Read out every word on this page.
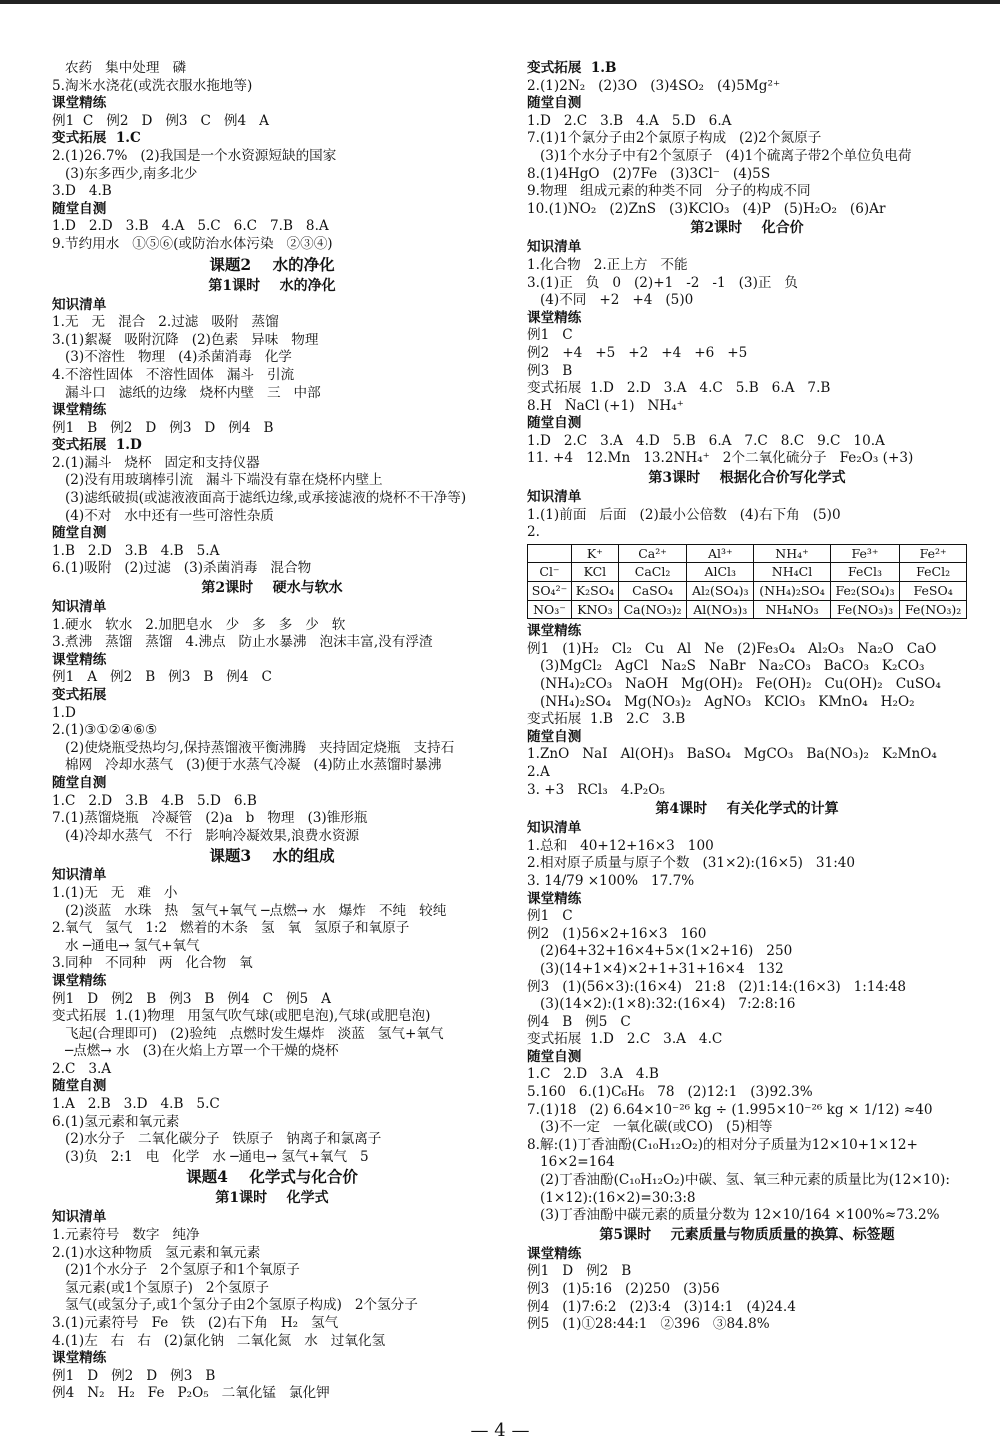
农药   集中处理   磷
5.淘米水浇花(或洗衣服水拖地等)
课堂精练
例1  C   例2   D   例3   C   例4   A
变式拓展  1.C
2.(1)26.7%   (2)我国是一个水资源短缺的国家
(3)东多西少,南多北少
3.D   4.B
随堂自测
1.D   2.D   3.B   4.A   5.C   6.C   7.B   8.A
9.节约用水   ①⑤⑥(或防治水体污染   ②③④)
课题2    水的净化
第1课时    水的净化
知识清单
1.无   无   混合   2.过滤   吸附   蒸馏
3.(1)絮凝   吸附沉降   (2)色素   异味   物理
(3)不溶性   物理   (4)杀菌消毒   化学
4.不溶性固体   不溶性固体   漏斗   引流
漏斗口   滤纸的边缘   烧杯内壁   三   中部
课堂精练
例1   B   例2   D   例3   D   例4   B
变式拓展  1.D
2.(1)漏斗   烧杯   固定和支持仪器
(2)没有用玻璃棒引流   漏斗下端没有靠在烧杯内壁上
(3)滤纸破损(或滤液液面高于滤纸边缘,或承接滤液的烧杯不干净等)
(4)不对   水中还有一些可溶性杂质
随堂自测
1.B   2.D   3.B   4.B   5.A
6.(1)吸附   (2)过滤   (3)杀菌消毒   混合物
第2课时    硬水与软水
知识清单
1.硬水   软水   2.加肥皂水   少   多   多   少   软
3.煮沸   蒸馏   蒸馏   4.沸点   防止水暴沸   泡沫丰富,没有浮渣
课堂精练
例1   A   例2   B   例3   B   例4   C
变式拓展
1.D
2.(1)③①②④⑥⑤
(2)使烧瓶受热均匀,保持蒸馏液平衡沸腾   夹持固定烧瓶   支持石
棉网   冷却水蒸气   (3)便于水蒸气冷凝   (4)防止水蒸馏时暴沸
随堂自测
1.C   2.D   3.B   4.B   5.D   6.B
7.(1)蒸馏烧瓶   冷凝管   (2)a   b   物理   (3)锥形瓶
(4)冷却水蒸气   不行   影响冷凝效果,浪费水资源
课题3    水的组成
知识清单
1.(1)无   无   难   小
(2)淡蓝   水珠   热   氢气+氧气 ─点燃→ 水   爆炸   不纯   较纯
2.氧气   氢气   1:2   燃着的木条   氢   氧   氢原子和氧原子
水 ─通电→ 氢气+氧气
3.同种   不同种   两   化合物   氧
课堂精练
例1   D   例2   B   例3   B   例4   C   例5   A
变式拓展  1.(1)物理   用氢气吹气球(或肥皂泡),气球(或肥皂泡)
飞起(合理即可)   (2)验纯   点燃时发生爆炸   淡蓝   氢气+氧气
─点燃→ 水   (3)在火焰上方罩一个干燥的烧杯
2.C   3.A
随堂自测
1.A   2.B   3.D   4.B   5.C
6.(1)氢元素和氧元素
(2)水分子   二氧化碳分子   铁原子   钠离子和氯离子
(3)负   2:1   电   化学   水 ─通电→ 氢气+氧气   5
课题4    化学式与化合价
第1课时    化学式
知识清单
1.元素符号   数字   纯净
2.(1)水这种物质   氢元素和氧元素
(2)1个水分子   2个氢原子和1个氧原子
氢元素(或1个氢原子)   2个氢原子
氢气(或氢分子,或1个氢分子由2个氢原子构成)   2个氢分子
3.(1)元素符号   Fe   铁   (2)右下角   H₂   氢气
4.(1)左   右   右   (2)氯化钠   二氧化氮   水   过氧化氢
课堂精练
例1   D   例2   D   例3   B
例4   N₂   H₂   Fe   P₂O₅   二氧化锰   氯化钾
变式拓展  1.B
2.(1)2N₂   (2)3O   (3)4SO₂   (4)5Mg²⁺
随堂自测
1.D   2.C   3.B   4.A   5.D   6.A
7.(1)1个氯分子由2个氯原子构成   (2)2个氮原子
(3)1个水分子中有2个氢原子   (4)1个硫离子带2个单位负电荷
8.(1)4HgO   (2)7Fe   (3)3Cl⁻   (4)5S
9.物理   组成元素的种类不同   分子的构成不同
10.(1)NO₂   (2)ZnS   (3)KClO₃   (4)P   (5)H₂O₂   (6)Ar
第2课时    化合价
知识清单
1.化合物   2.正上方   不能
3.(1)正   负   0   (2)+1   -2   -1   (3)正   负
(4)不同   +2   +4   (5)0
课堂精练
例1   C
例2   +4   +5   +2   +4   +6   +5
例3   B
变式拓展  1.D   2.D   3.A   4.C   5.B   6.A   7.B
8.H   N̊aCl (+1)   NH₄⁺
随堂自测
1.D   2.C   3.A   4.D   5.B   6.A   7.C   8.C   9.C   10.A
11. +4   12.Mn   13.2NH₄⁺   2个二氧化硫分子   Fe₂O₃ (+3)
第3课时    根据化合价写化学式
知识清单
1.(1)前面   后面   (2)最小公倍数   (4)右下角   (5)0
2.
	K⁺	Ca²⁺	Al³⁺	NH₄⁺	Fe³⁺	Fe²⁺
Cl⁻	KCl	CaCl₂	AlCl₃	NH₄Cl	FeCl₃	FeCl₂
SO₄²⁻	K₂SO₄	CaSO₄	Al₂(SO₄)₃	(NH₄)₂SO₄	Fe₂(SO₄)₃	FeSO₄
NO₃⁻	KNO₃	Ca(NO₃)₂	Al(NO₃)₃	NH₄NO₃	Fe(NO₃)₃	Fe(NO₃)₂
课堂精练
例1   (1)H₂   Cl₂   Cu   Al   Ne   (2)Fe₃O₄   Al₂O₃   Na₂O   CaO
(3)MgCl₂   AgCl   Na₂S   NaBr   Na₂CO₃   BaCO₃   K₂CO₃
(NH₄)₂CO₃   NaOH   Mg(OH)₂   Fe(OH)₂   Cu(OH)₂   CuSO₄
(NH₄)₂SO₄   Mg(NO₃)₂   AgNO₃   KClO₃   KMnO₄   H₂O₂
变式拓展  1.B   2.C   3.B
随堂自测
1.ZnO   NaI   Al(OH)₃   BaSO₄   MgCO₃   Ba(NO₃)₂   K₂MnO₄
2.A
3. +3   RCl₃   4.P₂O₅
第4课时    有关化学式的计算
知识清单
1.总和   40+12+16×3   100
2.相对原子质量与原子个数   (31×2):(16×5)   31:40
3. 14/79 ×100%   17.7%
课堂精练
例1   C
例2   (1)56×2+16×3   160
(2)64+32+16×4+5×(1×2+16)   250
(3)(14+1×4)×2+1+31+16×4   132
例3   (1)(56×3):(16×4)   21:8   (2)1:14:(16×3)   1:14:48
(3)(14×2):(1×8):32:(16×4)   7:2:8:16
例4   B   例5   C
变式拓展  1.D   2.C   3.A   4.C
随堂自测
1.C   2.D   3.A   4.B
5.160   6.(1)C₆H₆   78   (2)12:1   (3)92.3%
7.(1)18   (2) 6.64×10⁻²⁶ kg ÷ (1.995×10⁻²⁶ kg × 1/12) ≈40
(3)不一定   一氧化碳(或CO)   (5)相等
8.解:(1)丁香油酚(C₁₀H₁₂O₂)的相对分子质量为12×10+1×12+
16×2=164
(2)丁香油酚(C₁₀H₁₂O₂)中碳、氢、氧三种元素的质量比为(12×10):
(1×12):(16×2)=30:3:8
(3)丁香油酚中碳元素的质量分数为 12×10/164 ×100%≈73.2%
第5课时    元素质量与物质质量的换算、标签题
课堂精练
例1   D   例2   B
例3   (1)5:16   (2)250   (3)56
例4   (1)7:6:2   (2)3:4   (3)14:1   (4)24.4
例5   (1)①28:44:1   ②396   ③84.8%
— 4 —
